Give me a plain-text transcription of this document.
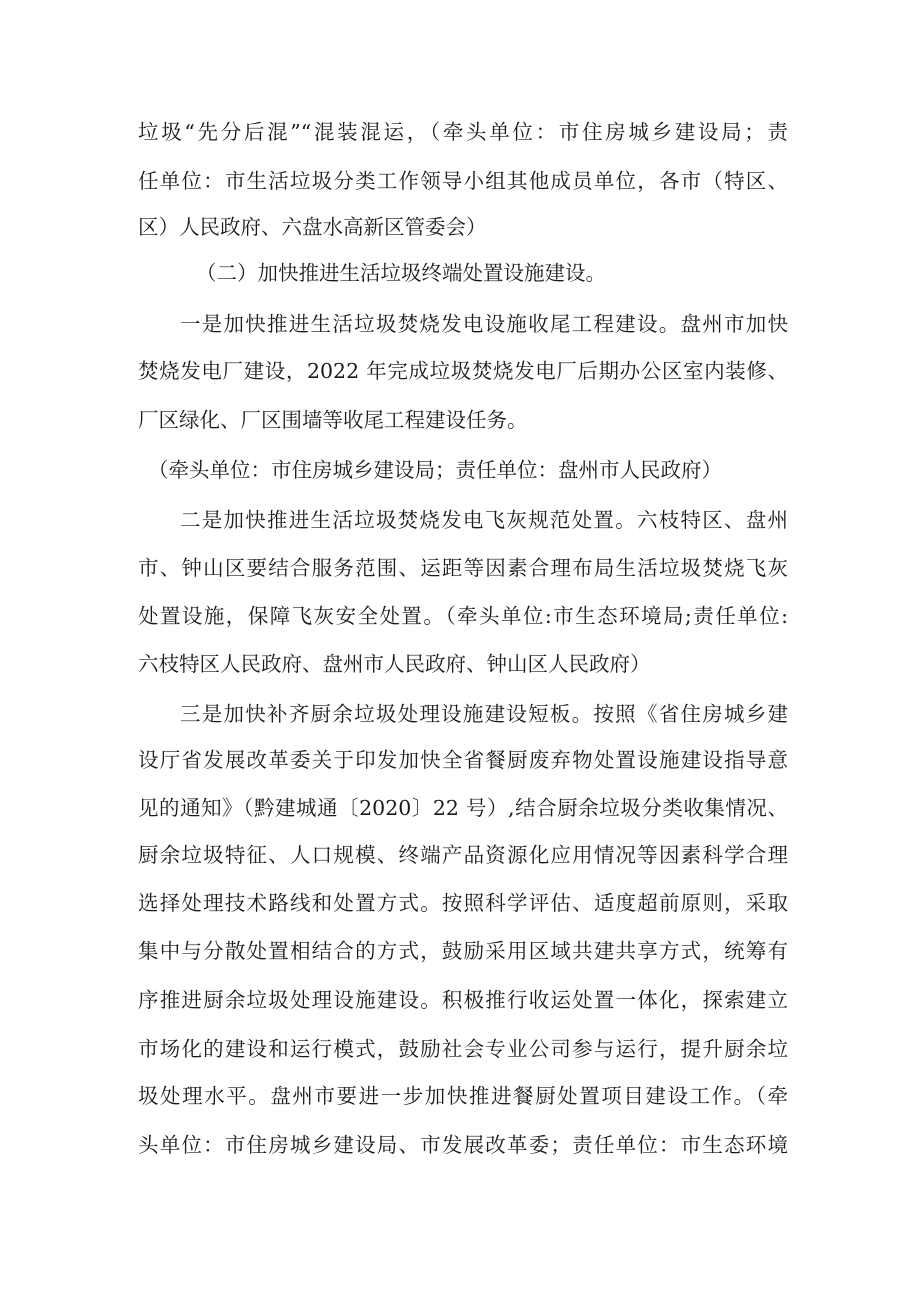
垃圾“先分后混”“混装混运，（牵头单位：市住房城乡建设局；责
任单位：市生活垃圾分类工作领导小组其他成员单位，各市（特区、
区）人民政府、六盘水高新区管委会）
（二）加快推进生活垃圾终端处置设施建设。
一是加快推进生活垃圾焚烧发电设施收尾工程建设。盘州市加快
焚烧发电厂建设，2022 年完成垃圾焚烧发电厂后期办公区室内装修、
厂区绿化、厂区围墙等收尾工程建设任务。
（牵头单位：市住房城乡建设局；责任单位：盘州市人民政府）
二是加快推进生活垃圾焚烧发电飞灰规范处置。六枝特区、盘州
市、钟山区要结合服务范围、运距等因素合理布局生活垃圾焚烧飞灰
处置设施，保障飞灰安全处置。（牵头单位:市生态环境局;责任单位:
六枝特区人民政府、盘州市人民政府、钟山区人民政府）
三是加快补齐厨余垃圾处理设施建设短板。按照《省住房城乡建
设厅省发展改革委关于印发加快全省餐厨废弃物处置设施建设指导意
见的通知》（黔建城通〔2020〕22 号）,结合厨余垃圾分类收集情况、
厨余垃圾特征、人口规模、终端产品资源化应用情况等因素科学合理
选择处理技术路线和处置方式。按照科学评估、适度超前原则，采取
集中与分散处置相结合的方式，鼓励采用区域共建共享方式，统筹有
序推进厨余垃圾处理设施建设。积极推行收运处置一体化，探索建立
市场化的建设和运行模式，鼓励社会专业公司参与运行，提升厨余垃
圾处理水平。盘州市要进一步加快推进餐厨处置项目建设工作。（牵
头单位：市住房城乡建设局、市发展改革委；责任单位：市生态环境
